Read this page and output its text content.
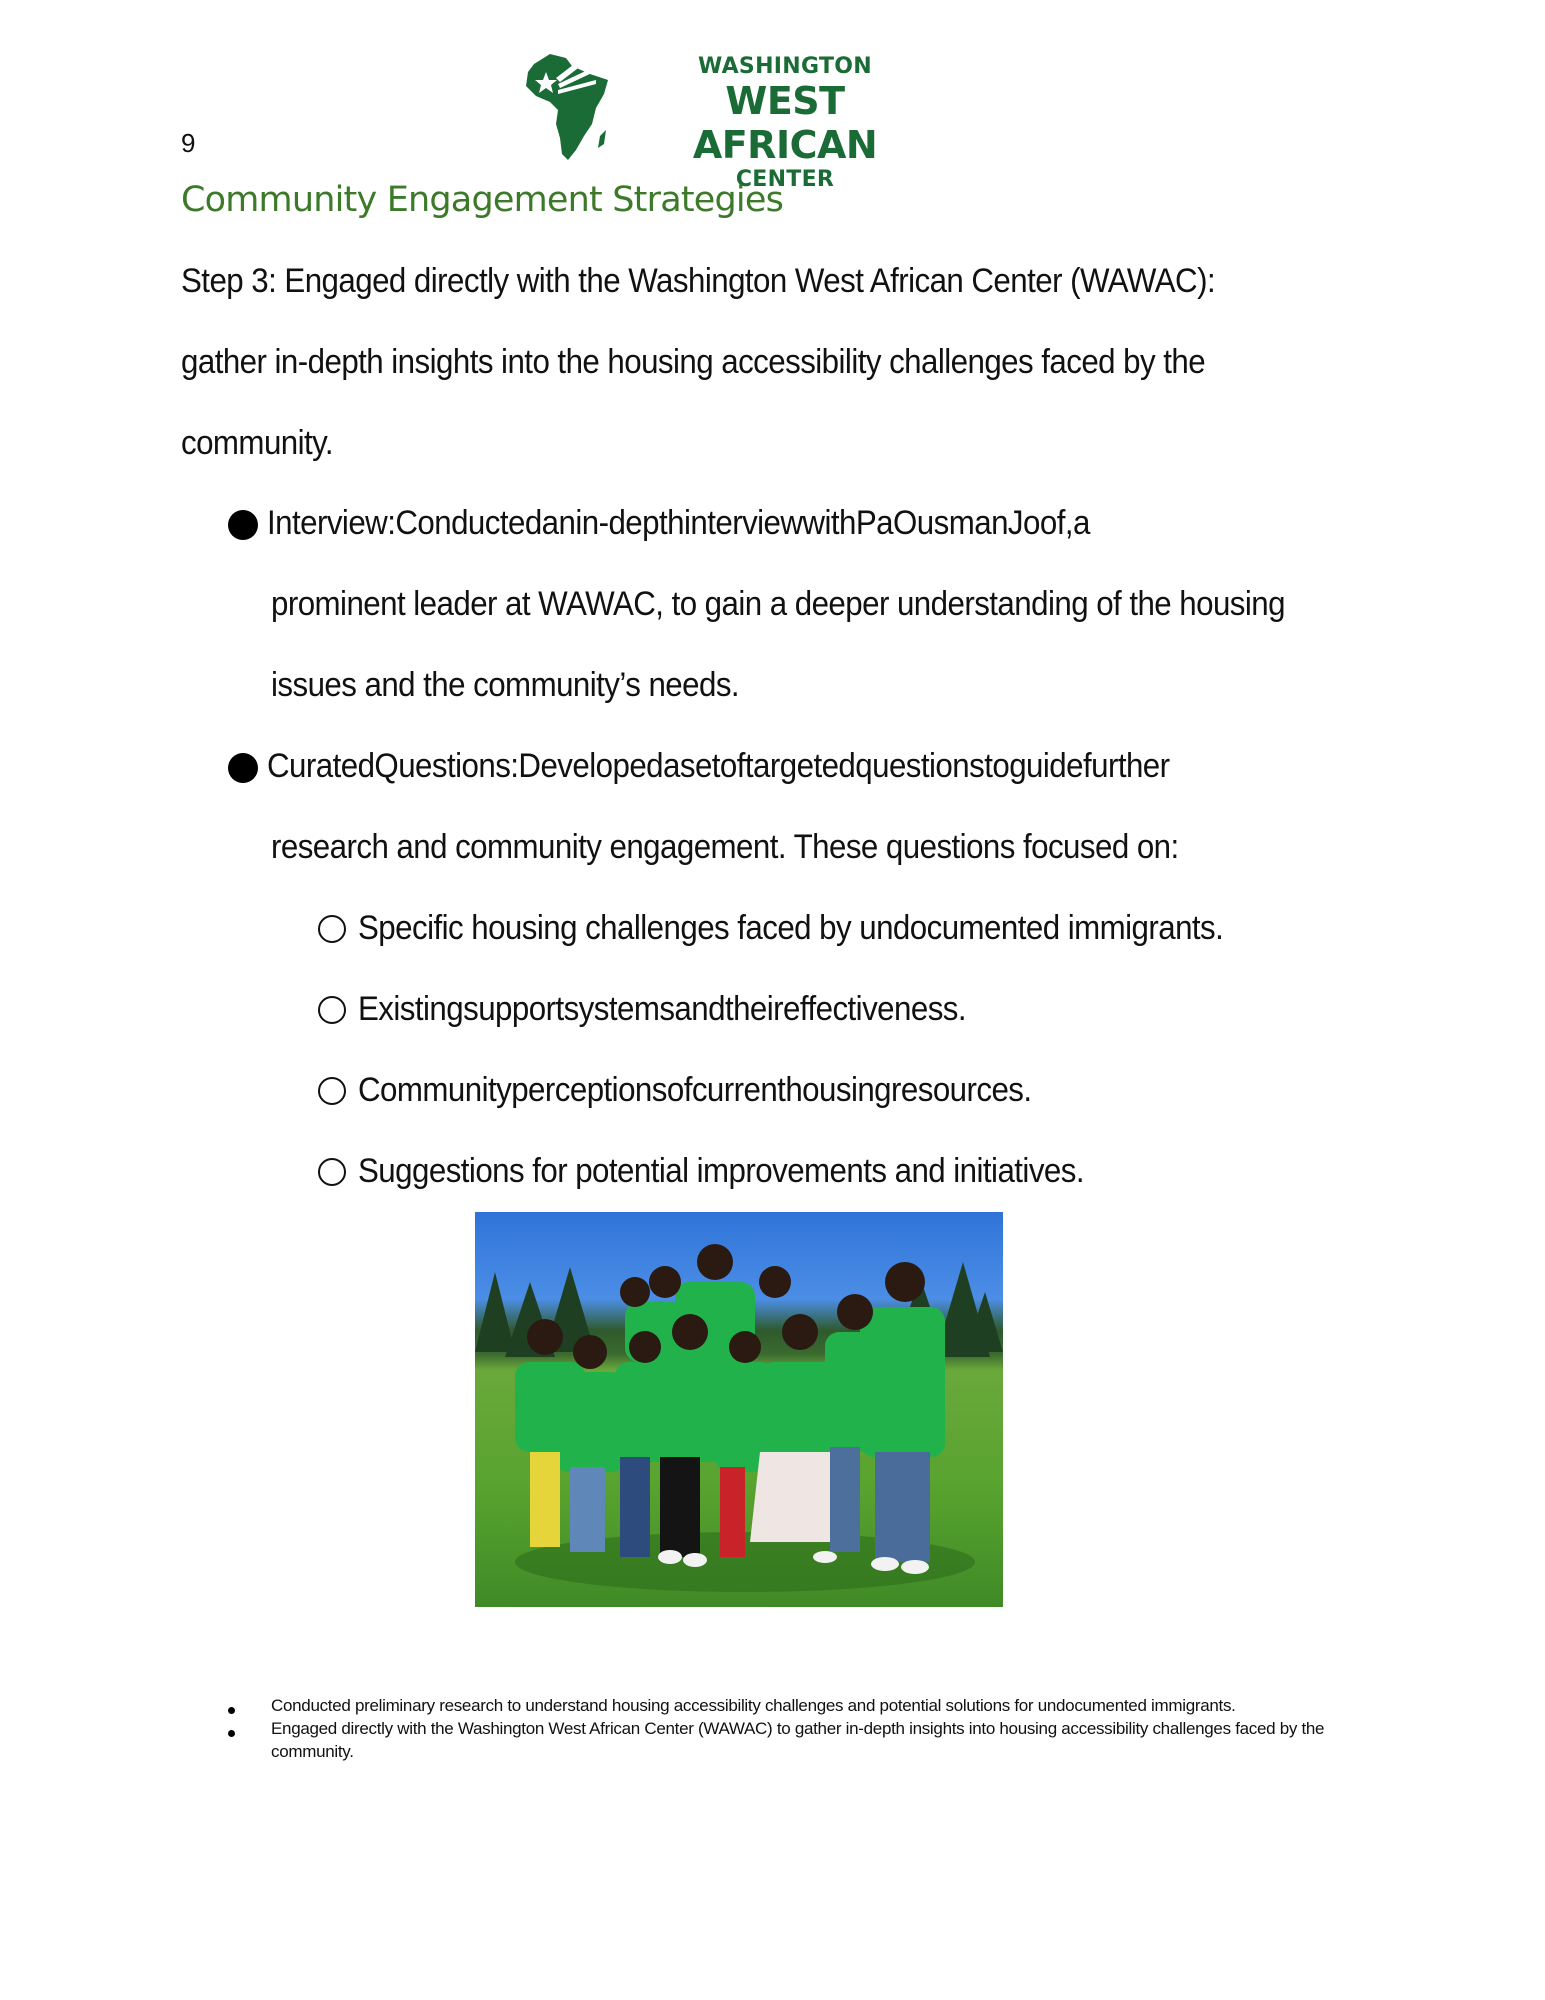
WASHINGTON
WEST AFRICAN
CENTER
9
Community Engagement Strategies
Step 3: Engaged directly with the Washington West African Center (WAWAC):
gather in-depth insights into the housing accessibility challenges faced by the
community.
Interview:Conductedanin-depthinterviewwithPaOusmanJoof,a
prominent leader at WAWAC, to gain a deeper understanding of the housing
issues and the community’s needs.
CuratedQuestions:Developedasetoftargetedquestionstoguidefurther
research and community engagement. These questions focused on:
Specific housing challenges faced by undocumented immigrants.
Existingsupportsystemsandtheireffectiveness.
Communityperceptionsofcurrenthousingresources.
Suggestions for potential improvements and initiatives.
Conducted preliminary research to understand housing accessibility challenges and potential solutions for undocumented immigrants.
Engaged directly with the Washington West African Center (WAWAC) to gather in-depth insights into housing accessibility challenges faced by the
community.
